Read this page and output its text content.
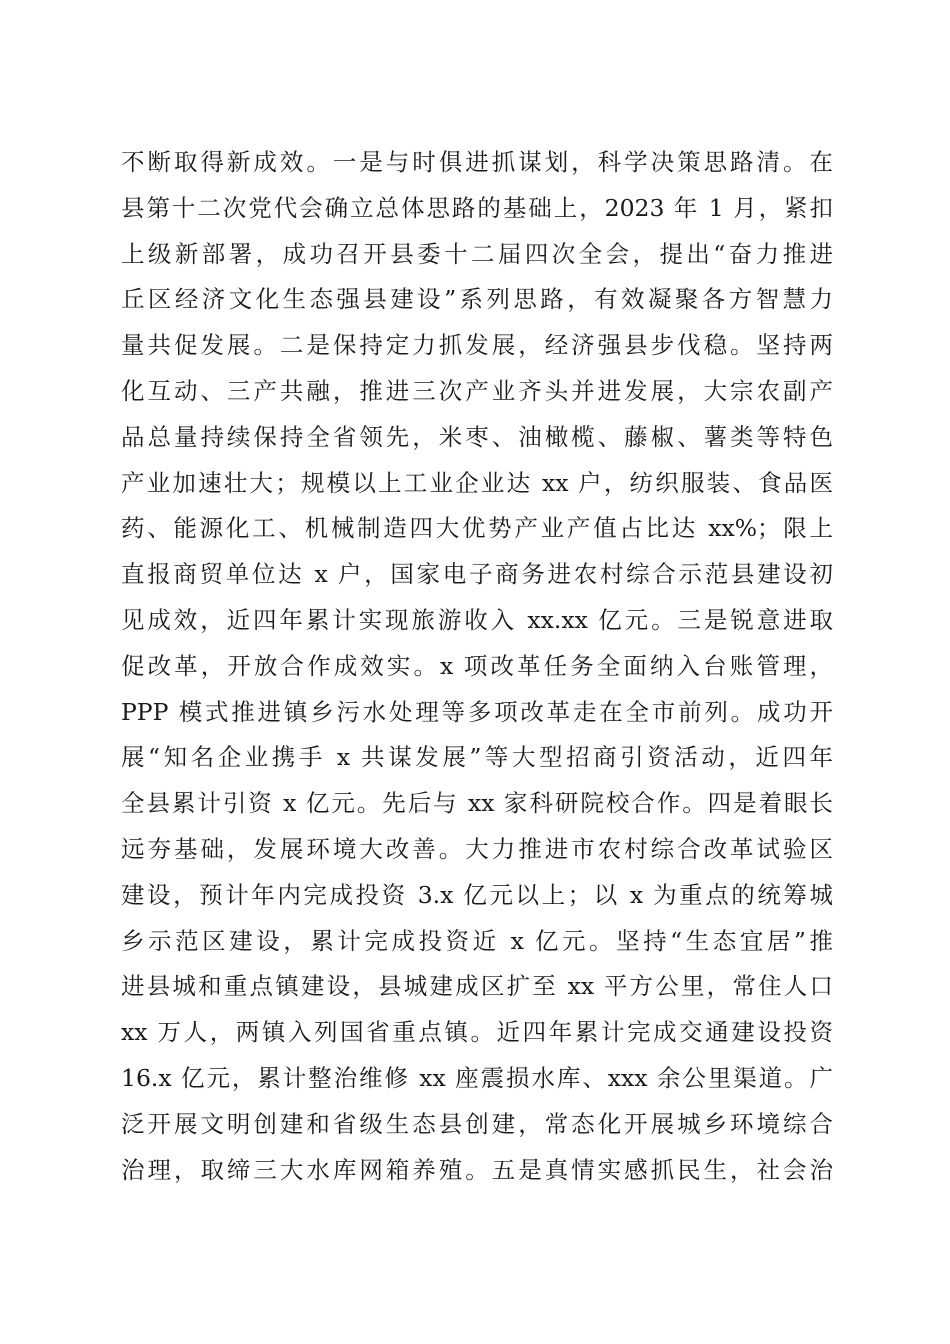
不断取得新成效。一是与时俱进抓谋划，科学决策思路清。在
县第十二次党代会确立总体思路的基础上，2023 年 1 月，紧扣
上级新部署，成功召开县委十二届四次全会，提出“奋力推进
丘区经济文化生态强县建设”系列思路，有效凝聚各方智慧力
量共促发展。二是保持定力抓发展，经济强县步伐稳。坚持两
化互动、三产共融，推进三次产业齐头并进发展，大宗农副产
品总量持续保持全省领先，米枣、油橄榄、藤椒、薯类等特色
产业加速壮大；规模以上工业企业达 xx 户，纺织服装、食品医
药、能源化工、机械制造四大优势产业产值占比达 xx%；限上
直报商贸单位达 x 户，国家电子商务进农村综合示范县建设初
见成效，近四年累计实现旅游收入 xx.xx 亿元。三是锐意进取
促改革，开放合作成效实。x 项改革任务全面纳入台账管理，
PPP 模式推进镇乡污水处理等多项改革走在全市前列。成功开
展“知名企业携手 x 共谋发展”等大型招商引资活动，近四年
全县累计引资 x 亿元。先后与 xx 家科研院校合作。四是着眼长
远夯基础，发展环境大改善。大力推进市农村综合改革试验区
建设，预计年内完成投资 3.x 亿元以上；以 x 为重点的统筹城
乡示范区建设，累计完成投资近 x 亿元。坚持“生态宜居”推
进县城和重点镇建设，县城建成区扩至 xx 平方公里，常住人口
xx 万人，两镇入列国省重点镇。近四年累计完成交通建设投资
16.x 亿元，累计整治维修 xx 座震损水库、xxx 余公里渠道。广
泛开展文明创建和省级生态县创建，常态化开展城乡环境综合
治理，取缔三大水库网箱养殖。五是真情实感抓民生，社会治
